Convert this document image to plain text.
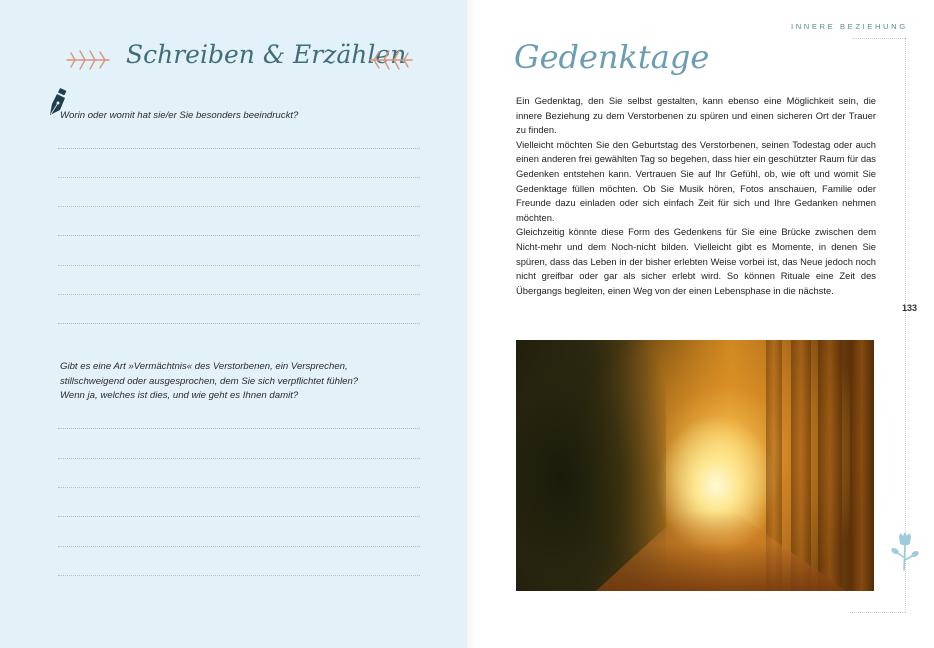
Schreiben & Erzählen
Worin oder womit hat sie/er Sie besonders beeindruckt?
Gibt es eine Art »Vermächtnis« des Verstorbenen, ein Versprechen,
stillschweigend oder ausgesprochen, dem Sie sich verpflichtet fühlen?
Wenn ja, welches ist dies, und wie geht es Ihnen damit?
INNERE BEZIEHUNG
Gedenktage

Ein Gedenktag, den Sie selbst gestalten, kann ebenso eine Möglichkeit sein, die innere Beziehung zu dem Verstorbenen zu spüren und einen sicheren Ort der Trauer zu finden.

Vielleicht möchten Sie den Geburtstag des Verstorbenen, seinen Todestag oder auch einen anderen frei gewählten Tag so begehen, dass hier ein geschützter Raum für das Gedenken entstehen kann. Vertrauen Sie auf Ihr Gefühl, ob, wie oft und womit Sie Gedenktage füllen möchten. Ob Sie Musik hören, Fotos anschauen, Familie oder Freunde dazu einladen oder sich einfach Zeit für sich und Ihre Gedanken nehmen möchten.

Gleichzeitig könnte diese Form des Gedenkens für Sie eine Brücke zwischen dem Nicht-mehr und dem Noch-nicht bilden. Vielleicht gibt es Momente, in denen Sie spüren, dass das Leben in der bisher erlebten Weise vorbei ist, das Neue jedoch noch nicht greifbar oder gar als sicher erlebt wird. So können Rituale eine Zeit des Übergangs begleiten, einen Weg von der einen Lebensphase in die nächste.

133
